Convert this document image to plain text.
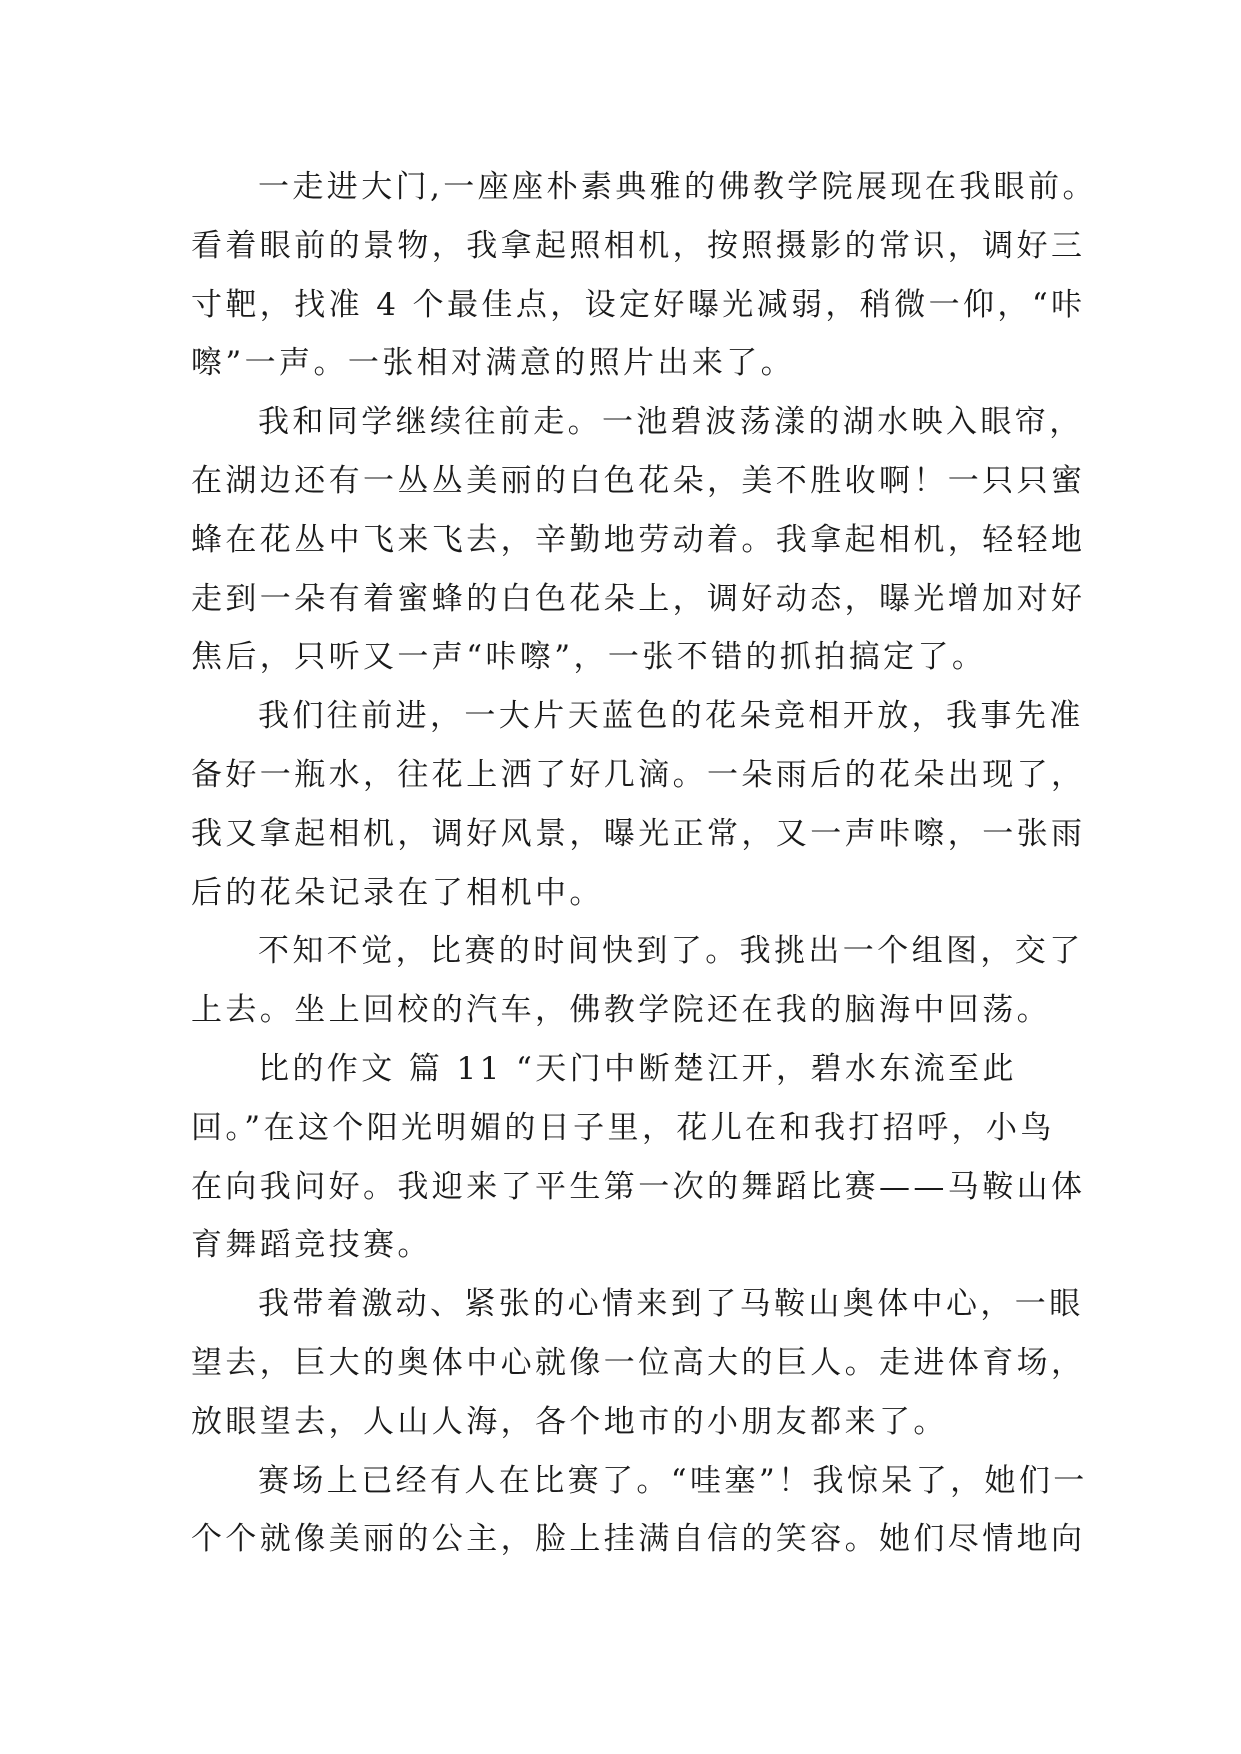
一走进大门,一座座朴素典雅的佛教学院展现在我眼前。
看着眼前的景物，我拿起照相机，按照摄影的常识，调好三
寸靶，找准 4 个最佳点，设定好曝光减弱，稍微一仰，“咔
嚓”一声。一张相对满意的照片出来了。
我和同学继续往前走。一池碧波荡漾的湖水映入眼帘，
在湖边还有一丛丛美丽的白色花朵，美不胜收啊！一只只蜜
蜂在花丛中飞来飞去，辛勤地劳动着。我拿起相机，轻轻地
走到一朵有着蜜蜂的白色花朵上，调好动态，曝光增加对好
焦后，只听又一声“咔嚓”，一张不错的抓拍搞定了。
我们往前进，一大片天蓝色的花朵竞相开放，我事先准
备好一瓶水，往花上洒了好几滴。一朵雨后的花朵出现了，
我又拿起相机，调好风景，曝光正常，又一声咔嚓，一张雨
后的花朵记录在了相机中。
不知不觉，比赛的时间快到了。我挑出一个组图，交了
上去。坐上回校的汽车，佛教学院还在我的脑海中回荡。
比的作文 篇 11 “天门中断楚江开，碧水东流至此
回。”在这个阳光明媚的日子里，花儿在和我打招呼，小鸟
在向我问好。我迎来了平生第一次的舞蹈比赛——马鞍山体
育舞蹈竞技赛。
我带着激动、紧张的心情来到了马鞍山奥体中心，一眼
望去，巨大的奥体中心就像一位高大的巨人。走进体育场，
放眼望去，人山人海，各个地市的小朋友都来了。
赛场上已经有人在比赛了。“哇塞”！我惊呆了，她们一
个个就像美丽的公主，脸上挂满自信的笑容。她们尽情地向
